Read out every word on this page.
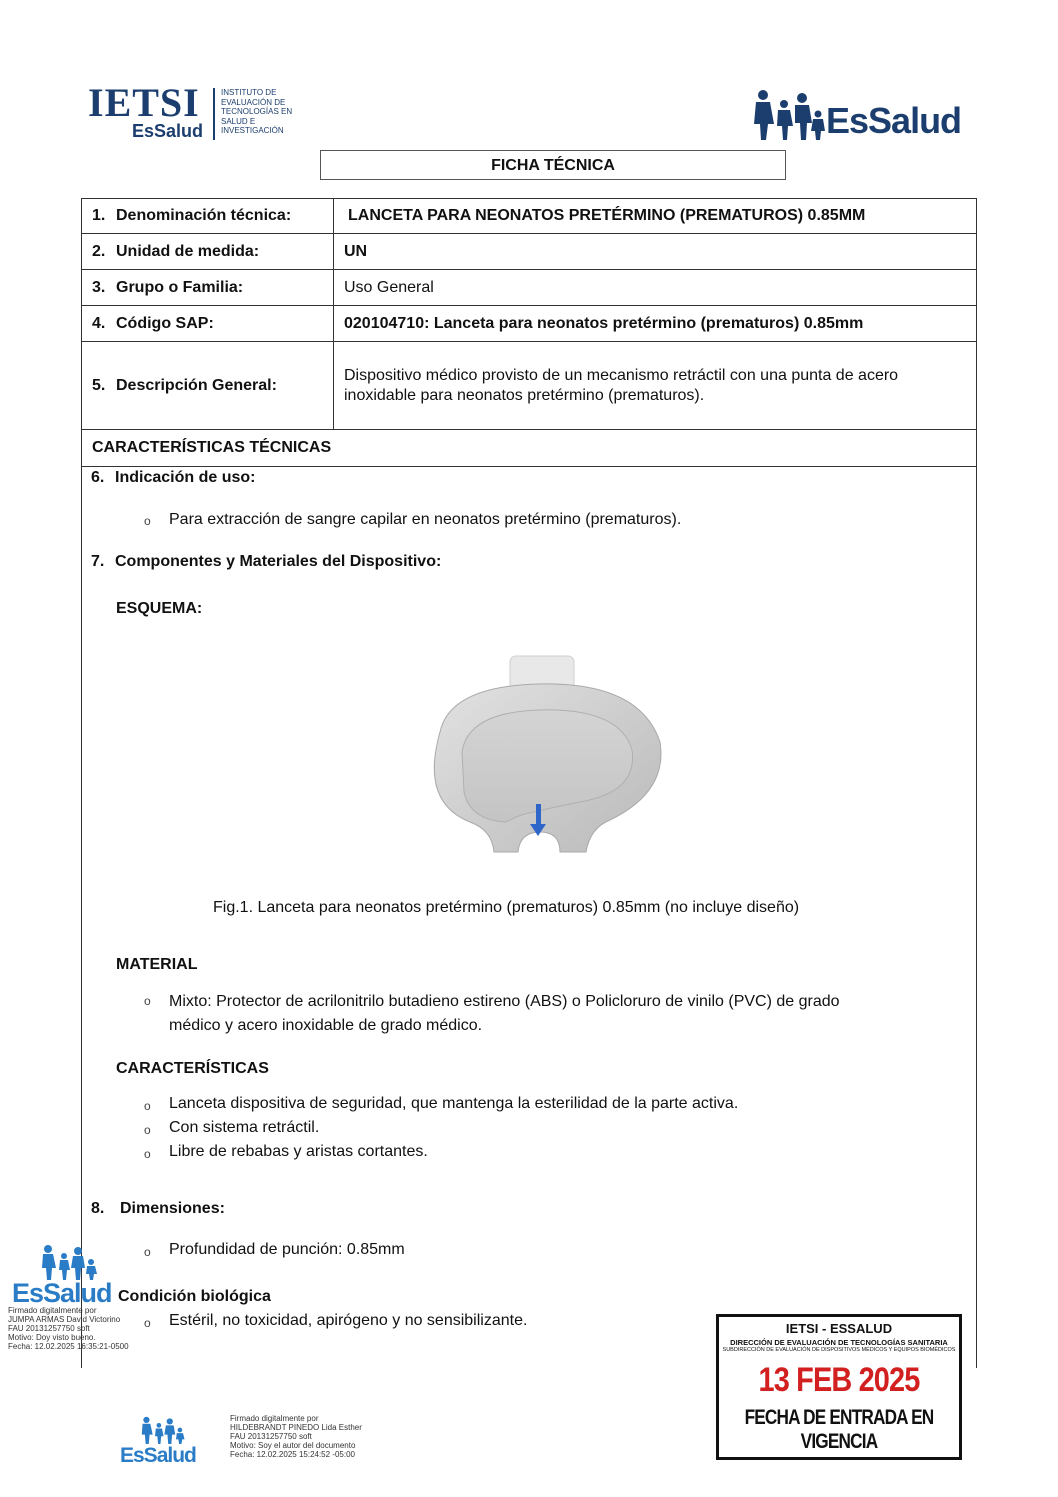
IETSI
EsSalud
INSTITUTO DE
EVALUACIÓN DE
TECNOLOGÍAS EN
SALUD E
INVESTIGACIÓN	EsSalud
FICHA TÉCNICA
1. Denominación técnica:	LANCETA PARA NEONATOS PRETÉRMINO (PREMATUROS) 0.85MM
2. Unidad de medida:	UN
3. Grupo o Familia:	Uso General
4. Código SAP:	020104710: Lanceta para neonatos pretérmino (prematuros) 0.85mm
5. Descripción General:	Dispositivo médico provisto de un mecanismo retráctil con una punta de acero inoxidable para neonatos pretérmino (prematuros).
CARACTERÍSTICAS TÉCNICAS	
6. Indicación de uso:
o Para extracción de sangre capilar en neonatos pretérmino (prematuros).
7. Componentes y Materiales del Dispositivo:
ESQUEMA:
Fig.1. Lanceta para neonatos pretérmino (prematuros) 0.85mm (no incluye diseño)
MATERIAL
o Mixto: Protector de acrilonitrilo butadieno estireno (ABS) o Policloruro de vinilo (PVC) de grado
médico y acero inoxidable de grado médico.
CARACTERÍSTICAS
o Lanceta dispositiva de seguridad, que mantenga la esterilidad de la parte activa.
o Con sistema retráctil.
o Libre de rebabas y aristas cortantes.
8. Dimensiones:
o Profundidad de punción: 0.85mm
Condición biológica
o Estéril, no toxicidad, apirógeno y no sensibilizante.
EsSalud
Firmado digitalmente por
JUMPA ARMAS David Victorino
FAU 20131257750 soft
Motivo: Doy visto bueno.
Fecha: 12.02.2025 16:35:21-0500
EsSalud
Firmado digitalmente por
HILDEBRANDT PINEDO Lida Esther
FAU 20131257750 soft
Motivo: Soy el autor del documento
Fecha: 12.02.2025 15:24:52 -05:00
IETSI - ESSALUD
DIRECCIÓN DE EVALUACIÓN DE TECNOLOGÍAS SANITARIA
SUBDIRECCIÓN DE EVALUACIÓN DE DISPOSITIVOS MÉDICOS Y EQUIPOS BIOMÉDICOS
13 FEB 2025
FECHA DE ENTRADA EN VIGENCIA
